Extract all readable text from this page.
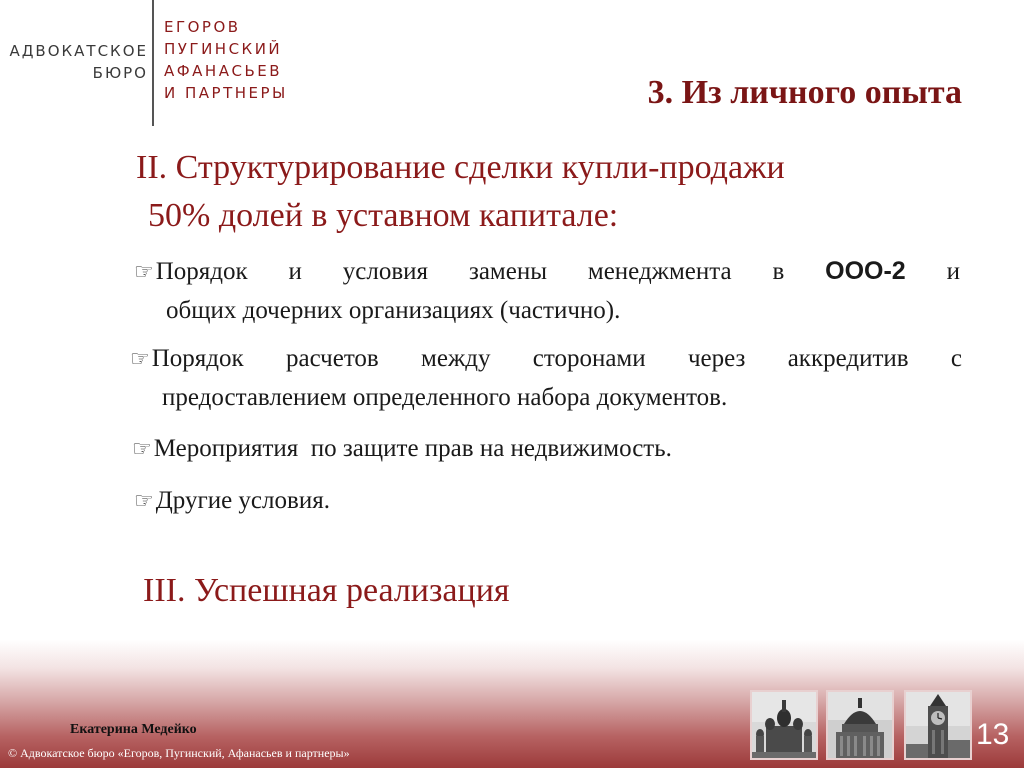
АДВОКАТСКОЕ
БЮРО
ЕГОРОВ
ПУГИНСКИЙ
АФАНАСЬЕВ
И ПАРТНЕРЫ	3. Из личного опыта
II. Структурирование сделки купли-продажи
50% долей в уставном капитале:
☞Порядок и условия замены менеджмента в ООО-2 и
общих дочерних организациях (частично).
☞Порядок расчетов между сторонами через аккредитив с
предоставлением определенного набора документов.
☞Мероприятия  по защите прав на недвижимость.
☞Другие условия.
III. Успешная реализация
Екатерина Медейко
© Адвокатское бюро «Егоров, Пугинский, Афанасьев и партнеры»
13
